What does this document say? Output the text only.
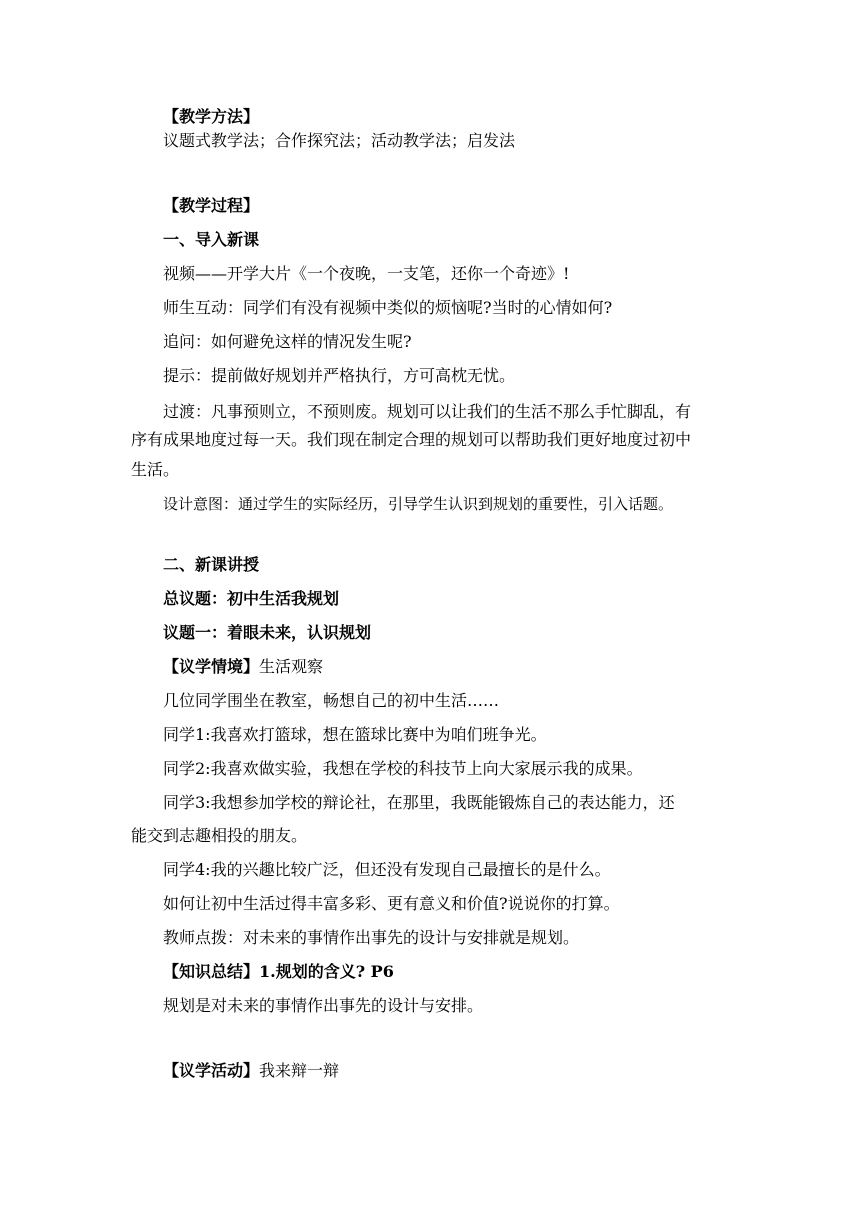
【教学方法】
议题式教学法；合作探究法；活动教学法；启发法
【教学过程】
一、导入新课
视频——开学大片《一个夜晚，一支笔，还你一个奇迹》!
师生互动：同学们有没有视频中类似的烦恼呢?当时的心情如何?
追问：如何避免这样的情况发生呢?
提示：提前做好规划并严格执行，方可高枕无忧。
过渡：凡事预则立，不预则废。规划可以让我们的生活不那么手忙脚乱，有
序有成果地度过每一天。我们现在制定合理的规划可以帮助我们更好地度过初中
生活。
设计意图：通过学生的实际经历，引导学生认识到规划的重要性，引入话题。
二、新课讲授
总议题：初中生活我规划
议题一：着眼未来，认识规划
【议学情境】生活观察
几位同学围坐在教室，畅想自己的初中生活……
同学1:我喜欢打篮球，想在篮球比赛中为咱们班争光。
同学2:我喜欢做实验，我想在学校的科技节上向大家展示我的成果。
同学3:我想参加学校的辩论社，在那里，我既能锻炼自己的表达能力，还
能交到志趣相投的朋友。
同学4:我的兴趣比较广泛，但还没有发现自己最擅长的是什么。
如何让初中生活过得丰富多彩、更有意义和价值?说说你的打算。
教师点拨：对未来的事情作出事先的设计与安排就是规划。
【知识总结】1.规划的含义? P6
规划是对未来的事情作出事先的设计与安排。
【议学活动】我来辩一辩
